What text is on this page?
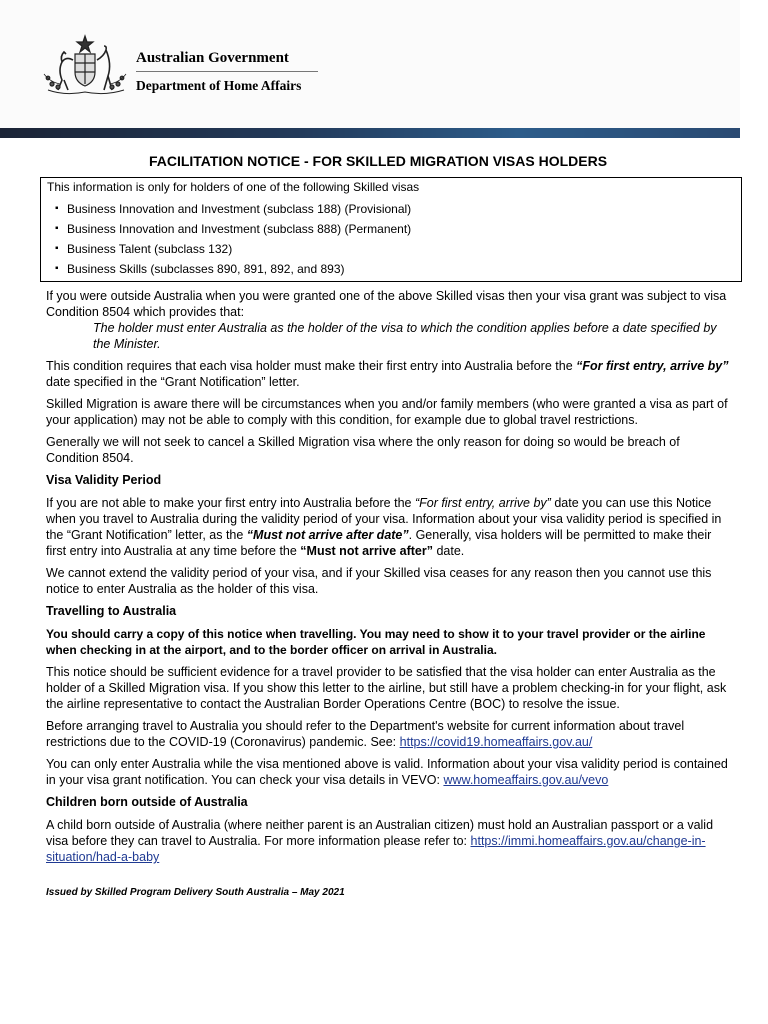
Australian Government
Department of Home Affairs
FACILITATION NOTICE - FOR SKILLED MIGRATION VISAS HOLDERS
This information is only for holders of one of the following Skilled visas
▪ Business Innovation and Investment (subclass 188) (Provisional)
▪ Business Innovation and Investment (subclass 888) (Permanent)
▪ Business Talent (subclass 132)
▪ Business Skills (subclasses 890, 891, 892, and 893)

If you were outside Australia when you were granted one of the above Skilled visas then your visa grant was subject to visa Condition 8504 which provides that:

The holder must enter Australia as the holder of the visa to which the condition applies before a date specified by the Minister.

This condition requires that each visa holder must make their first entry into Australia before the “For first entry, arrive by” date specified in the “Grant Notification” letter.

Skilled Migration is aware there will be circumstances when you and/or family members (who were granted a visa as part of your application) may not be able to comply with this condition, for example due to global travel restrictions.

Generally we will not seek to cancel a Skilled Migration visa where the only reason for doing so would be breach of Condition 8504.

Visa Validity Period

If you are not able to make your first entry into Australia before the “For first entry, arrive by” date you can use this Notice when you travel to Australia during the validity period of your visa. Information about your visa validity period is specified in the “Grant Notification” letter, as the “Must not arrive after date”. Generally, visa holders will be permitted to make their first entry into Australia at any time before the “Must not arrive after” date.

We cannot extend the validity period of your visa, and if your Skilled visa ceases for any reason then you cannot use this notice to enter Australia as the holder of this visa.

Travelling to Australia

You should carry a copy of this notice when travelling. You may need to show it to your travel provider or the airline when checking in at the airport, and to the border officer on arrival in Australia.

This notice should be sufficient evidence for a travel provider to be satisfied that the visa holder can enter Australia as the holder of a Skilled Migration visa. If you show this letter to the airline, but still have a problem checking-in for your flight, ask the airline representative to contact the Australian Border Operations Centre (BOC) to resolve the issue.

Before arranging travel to Australia you should refer to the Department's website for current information about travel restrictions due to the COVID-19 (Coronavirus) pandemic. See: https://covid19.homeaffairs.gov.au/

You can only enter Australia while the visa mentioned above is valid. Information about your visa validity period is contained in your visa grant notification. You can check your visa details in VEVO: www.homeaffairs.gov.au/vevo

Children born outside of Australia

A child born outside of Australia (where neither parent is an Australian citizen) must hold an Australian passport or a valid visa before they can travel to Australia. For more information please refer to: https://immi.homeaffairs.gov.au/change-in-situation/had-a-baby

Issued by Skilled Program Delivery South Australia – May 2021
